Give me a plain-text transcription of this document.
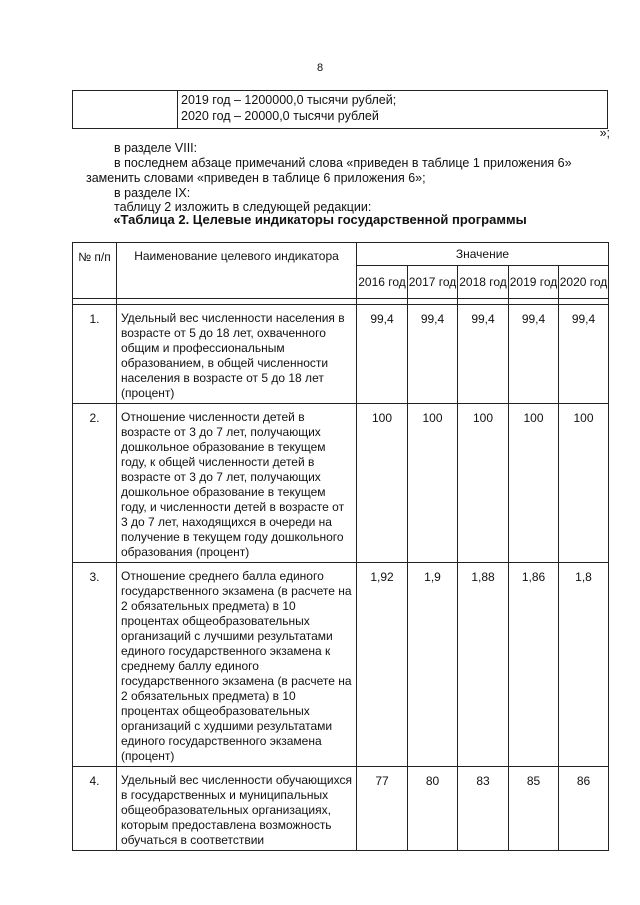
8

2019 год – 1200000,0 тысячи рублей;
2020 год – 20000,0 тысячи рублей
»;
в разделе VIII:
в последнем абзаце примечаний слова «приведен в таблице 1 приложения 6»
заменить словами «приведен в таблице 6 приложения 6»;
в разделе IX:
таблицу 2 изложить в следующей редакции:
«Таблица 2. Целевые индикаторы государственной программы
№ п/п	Наименование целевого индикатора	Значение				
		2016 год	2017 год	2018 год	2019 год	2020 год

1.	Удельный вес численности населения в возрасте от 5 до 18 лет, охваченного общим и профессиональным образованием, в общей численности населения в возрасте от 5 до 18 лет (процент)	99,4	99,4	99,4	99,4	99,4
2.	Отношение численности детей в возрасте от 3 до 7 лет, получающих дошкольное образование в текущем году, к общей численности детей в возрасте от 3 до 7 лет, получающих дошкольное образование в текущем году, и численности детей в возрасте от 3 до 7 лет, находящихся в очереди на получение в текущем году дошкольного образования (процент)	100	100	100	100	100
3.	Отношение среднего балла единого государственного экзамена (в расчете на 2 обязательных предмета) в 10 процентах общеобразовательных организаций с лучшими результатами единого государственного экзамена к среднему баллу единого государственного экзамена (в расчете на 2 обязательных предмета) в 10 процентах общеобразовательных организаций с худшими результатами единого государственного экзамена (процент)	1,92	1,9	1,88	1,86	1,8
4.	Удельный вес численности обучающихся в государственных и муниципальных общеобразовательных организациях, которым предоставлена возможность обучаться в соответствии	77	80	83	85	86
